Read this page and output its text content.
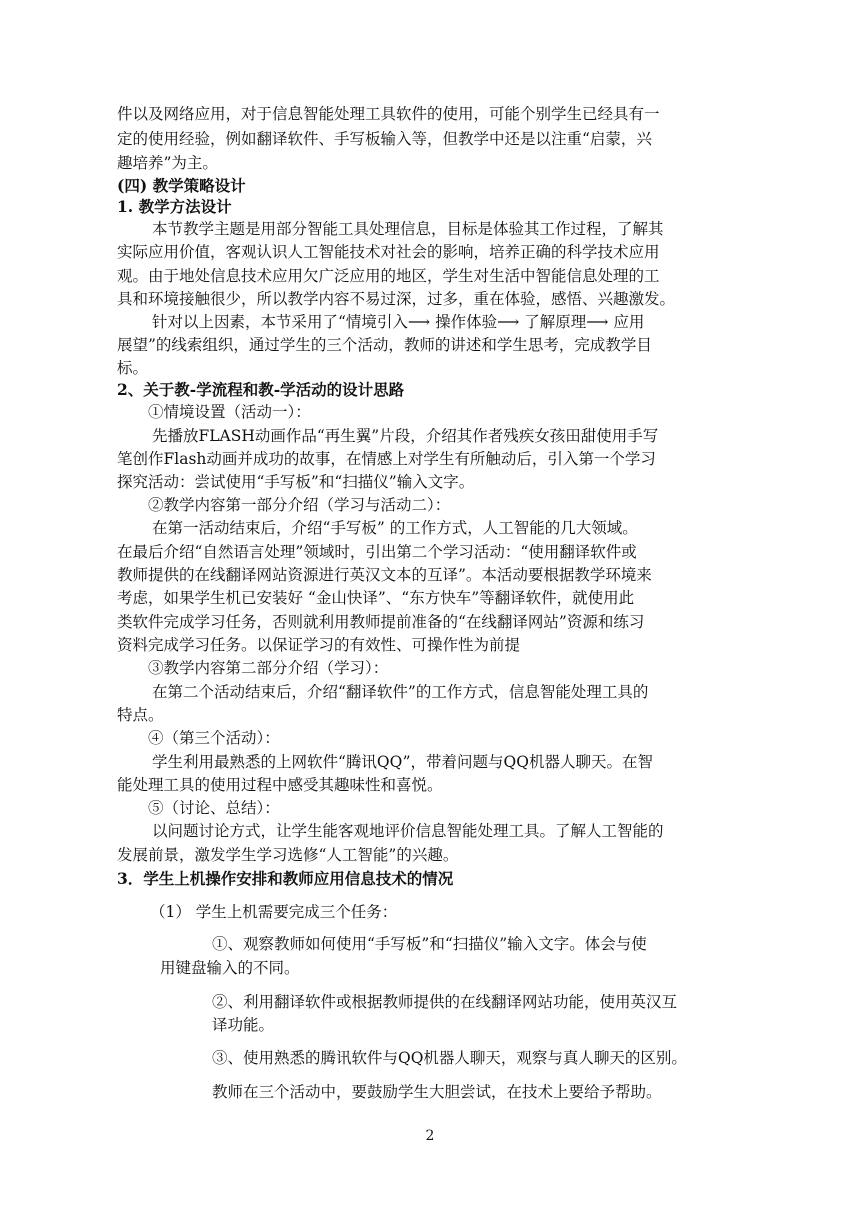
件以及网络应用，对于信息智能处理工具软件的使用，可能个别学生已经具有一
定的使用经验，例如翻译软件、手写板输入等，但教学中还是以注重“启蒙，兴
趣培养”为主。
(四) 教学策略设计
1. 教学方法设计
本节教学主题是用部分智能工具处理信息，目标是体验其工作过程，了解其
实际应用价值，客观认识人工智能技术对社会的影响，培养正确的科学技术应用
观。由于地处信息技术应用欠广泛应用的地区，学生对生活中智能信息处理的工
具和环境接触很少，所以教学内容不易过深，过多，重在体验，感悟、兴趣激发。
针对以上因素，本节采用了“情境引入⟶ 操作体验⟶ 了解原理⟶ 应用
展望”的线索组织，通过学生的三个活动，教师的讲述和学生思考，完成教学目
标。
2、关于教-学流程和教-学活动的设计思路
①情境设置（活动一）：
先播放FLASH动画作品“再生翼”片段，介绍其作者残疾女孩田甜使用手写
笔创作Flash动画并成功的故事，在情感上对学生有所触动后，引入第一个学习
探究活动：尝试使用“手写板”和“扫描仪”输入文字。
②教学内容第一部分介绍（学习与活动二）：
在第一活动结束后，介绍“手写板” 的工作方式，人工智能的几大领域。
在最后介绍“自然语言处理”领域时，引出第二个学习活动：“使用翻译软件或
教师提供的在线翻译网站资源进行英汉文本的互译”。本活动要根据教学环境来
考虑，如果学生机已安装好 “金山快译”、“东方快车”等翻译软件，就使用此
类软件完成学习任务，否则就利用教师提前准备的“在线翻译网站”资源和练习
资料完成学习任务。以保证学习的有效性、可操作性为前提
③教学内容第二部分介绍（学习）：
在第二个活动结束后，介绍“翻译软件”的工作方式，信息智能处理工具的
特点。
④（第三个活动）：
学生利用最熟悉的上网软件“腾讯QQ”，带着问题与QQ机器人聊天。在智
能处理工具的使用过程中感受其趣味性和喜悦。
⑤（讨论、总结）：
以问题讨论方式，让学生能客观地评价信息智能处理工具。了解人工智能的
发展前景，激发学生学习选修“人工智能”的兴趣。
3．学生上机操作安排和教师应用信息技术的情况
（1） 学生上机需要完成三个任务：
①、观察教师如何使用“手写板”和“扫描仪”输入文字。体会与使
用键盘输入的不同。
②、利用翻译软件或根据教师提供的在线翻译网站功能，使用英汉互
译功能。
③、使用熟悉的腾讯软件与QQ机器人聊天，观察与真人聊天的区别。
教师在三个活动中，要鼓励学生大胆尝试，在技术上要给予帮助。
2
